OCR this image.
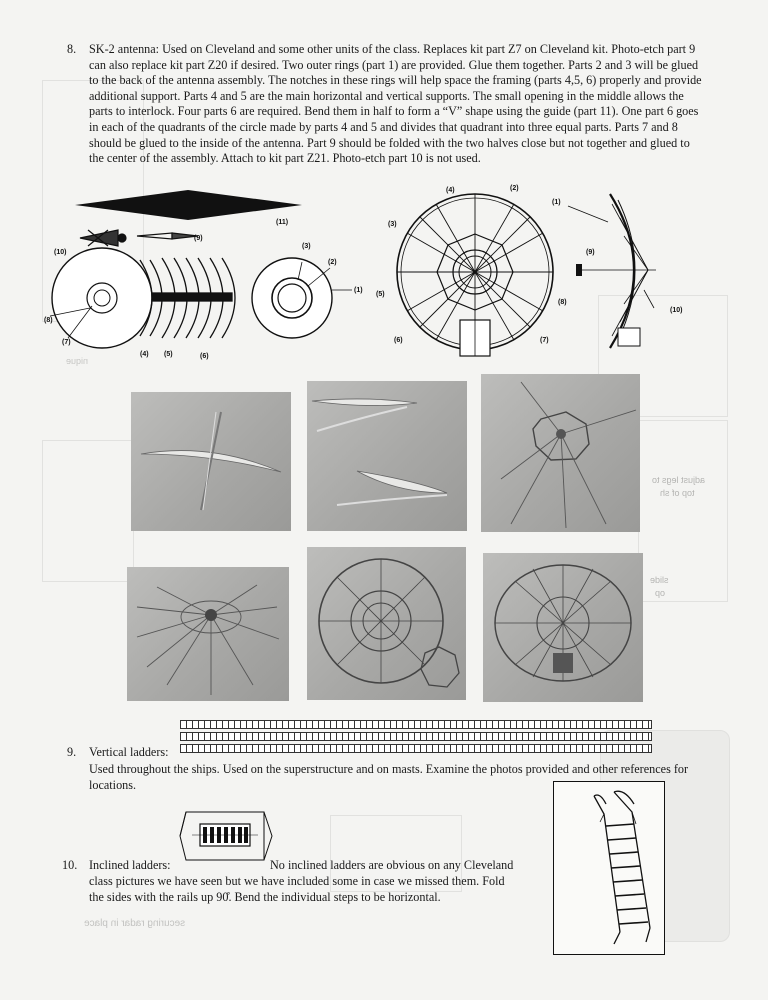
nique
adjust legs to
top of sh
slide
op
securing radar in place
8. SK-2 antenna: Used on Cleveland and some other units of the class. Replaces kit part Z7 on Cleveland kit. Photo-etch part 9
can also replace kit part Z20 if desired. Two outer rings (part 1) are provided. Glue them together. Parts 2 and 3 will be glued
to the back of the antenna assembly. The notches in these rings will help space the framing (parts 4,5, 6) properly and provide
additional support. Parts 4 and 5 are the main horizontal and vertical supports. The small opening in the middle allows the
parts to interlock. Four parts 6 are required. Bend them in half to form a “V” shape using the guide (part 11). One part 6 goes
in each of the quadrants of the circle made by parts 4 and 5 and divides that quadrant into three equal parts. Parts 7 and 8
should be glued to the inside of the antenna. Part 9 should be folded with the two halves close but not together and glued to
the center of the assembly. Attach to kit part Z21. Photo-etch part 10 is not used.
(11)
(9)
(10)
(8)
(7)
(4) (5)	(6)
(3)
(2)
(1)
(4)	(2)
(3)
(5)
(8)
(6)	(7)
(1)
(9)
(10)
9. Vertical ladders:
Used throughout the ships. Used on the superstructure and on masts. Examine the photos provided and other references for
locations.
10. Inclined ladders:	No inclined ladders are obvious on any Cleveland
class pictures we have seen but we have included some in case we missed them. Fold
the sides with the rails up 90̊. Bend the individual steps to be horizontal.
